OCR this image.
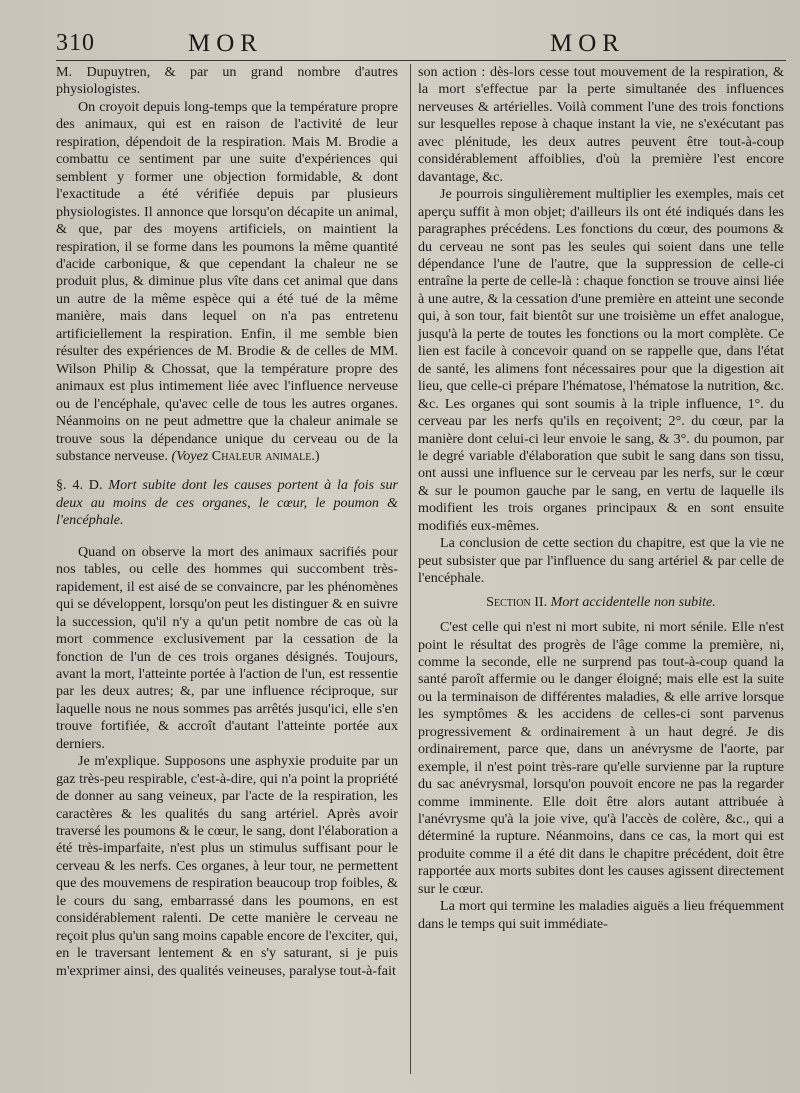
310	MOR	MOR

M. Dupuytren, & par un grand nombre d'autres physiologistes.

On croyoit depuis long-temps que la température propre des animaux, qui est en raison de l'activité de leur respiration, dépendoit de la respiration. Mais M. Brodie a combattu ce sentiment par une suite d'expériences qui semblent y former une objection formidable, & dont l'exactitude a été vérifiée depuis par plusieurs physiologistes. Il annonce que lorsqu'on décapite un animal, & que, par des moyens artificiels, on maintient la respiration, il se forme dans les poumons la même quantité d'acide carbonique, & que cependant la chaleur ne se produit plus, & diminue plus vîte dans cet animal que dans un autre de la même espèce qui a été tué de la même manière, mais dans lequel on n'a pas entretenu artificiellement la respiration. Enfin, il me semble bien résulter des expériences de M. Brodie & de celles de MM. Wilson Philip & Chossat, que la température propre des animaux est plus intimement liée avec l'influence nerveuse ou de l'encéphale, qu'avec celle de tous les autres organes. Néanmoins on ne peut admettre que la chaleur animale se trouve sous la dépendance unique du cerveau ou de la substance nerveuse. (Voyez Chaleur animale.)

§. 4. D. Mort subite dont les causes portent à la fois sur deux au moins de ces organes, le cœur, le poumon & l'encéphale.

Quand on observe la mort des animaux sacrifiés pour nos tables, ou celle des hommes qui succombent très-rapidement, il est aisé de se convaincre, par les phénomènes qui se développent, lorsqu'on peut les distinguer & en suivre la succession, qu'il n'y a qu'un petit nombre de cas où la mort commence exclusivement par la cessation de la fonction de l'un de ces trois organes désignés. Toujours, avant la mort, l'atteinte portée à l'action de l'un, est ressentie par les deux autres; &, par une influence réciproque, sur laquelle nous ne nous sommes pas arrêtés jusqu'ici, elle s'en trouve fortifiée, & accroît d'autant l'atteinte portée aux derniers.

Je m'explique. Supposons une asphyxie produite par un gaz très-peu respirable, c'est-à-dire, qui n'a point la propriété de donner au sang veineux, par l'acte de la respiration, les caractères & les qualités du sang artériel. Après avoir traversé les poumons & le cœur, le sang, dont l'élaboration a été très-imparfaite, n'est plus un stimulus suffisant pour le cerveau & les nerfs. Ces organes, à leur tour, ne permettent que des mouvemens de respiration beaucoup trop foibles, & le cours du sang, embarrassé dans les poumons, en est considérablement ralenti. De cette manière le cerveau ne reçoit plus qu'un sang moins capable encore de l'exciter, qui, en le traversant lentement & en s'y saturant, si je puis m'exprimer ainsi, des qualités veineuses, paralyse tout-à-fait

son action : dès-lors cesse tout mouvement de la respiration, & la mort s'effectue par la perte simultanée des influences nerveuses & artérielles. Voilà comment l'une des trois fonctions sur lesquelles repose à chaque instant la vie, ne s'exécutant pas avec plénitude, les deux autres peuvent être tout-à-coup considérablement affoiblies, d'où la première l'est encore davantage, &c.

Je pourrois singulièrement multiplier les exemples, mais cet aperçu suffit à mon objet; d'ailleurs ils ont été indiqués dans les paragraphes précédens. Les fonctions du cœur, des poumons & du cerveau ne sont pas les seules qui soient dans une telle dépendance l'une de l'autre, que la suppression de celle-ci entraîne la perte de celle-là : chaque fonction se trouve ainsi liée à une autre, & la cessation d'une première en atteint une seconde qui, à son tour, fait bientôt sur une troisième un effet analogue, jusqu'à la perte de toutes les fonctions ou la mort complète. Ce lien est facile à concevoir quand on se rappelle que, dans l'état de santé, les alimens font nécessaires pour que la digestion ait lieu, que celle-ci prépare l'hématose, l'hématose la nutrition, &c. &c. Les organes qui sont soumis à la triple influence, 1°. du cerveau par les nerfs qu'ils en reçoivent; 2°. du cœur, par la manière dont celui-ci leur envoie le sang, & 3°. du poumon, par le degré variable d'élaboration que subit le sang dans son tissu, ont aussi une influence sur le cerveau par les nerfs, sur le cœur & sur le poumon gauche par le sang, en vertu de laquelle ils modifient les trois organes principaux & en sont ensuite modifiés eux-mêmes.

La conclusion de cette section du chapitre, est que la vie ne peut subsister que par l'influence du sang artériel & par celle de l'encéphale.

Section II. Mort accidentelle non subite.

C'est celle qui n'est ni mort subite, ni mort sénile. Elle n'est point le résultat des progrès de l'âge comme la première, ni, comme la seconde, elle ne surprend pas tout-à-coup quand la santé paroît affermie ou le danger éloigné; mais elle est la suite ou la terminaison de différentes maladies, & elle arrive lorsque les symptômes & les accidens de celles-ci sont parvenus progressivement & ordinairement à un haut degré. Je dis ordinairement, parce que, dans un anévrysme de l'aorte, par exemple, il n'est point très-rare qu'elle survienne par la rupture du sac anévrysmal, lorsqu'on pouvoit encore ne pas la regarder comme imminente. Elle doit être alors autant attribuée à l'anévrysme qu'à la joie vive, qu'à l'accès de colère, &c., qui a déterminé la rupture. Néanmoins, dans ce cas, la mort qui est produite comme il a été dit dans le chapitre précédent, doit être rapportée aux morts subites dont les causes agissent directement sur le cœur.

La mort qui termine les maladies aiguës a lieu fréquemment dans le temps qui suit immédiate-
